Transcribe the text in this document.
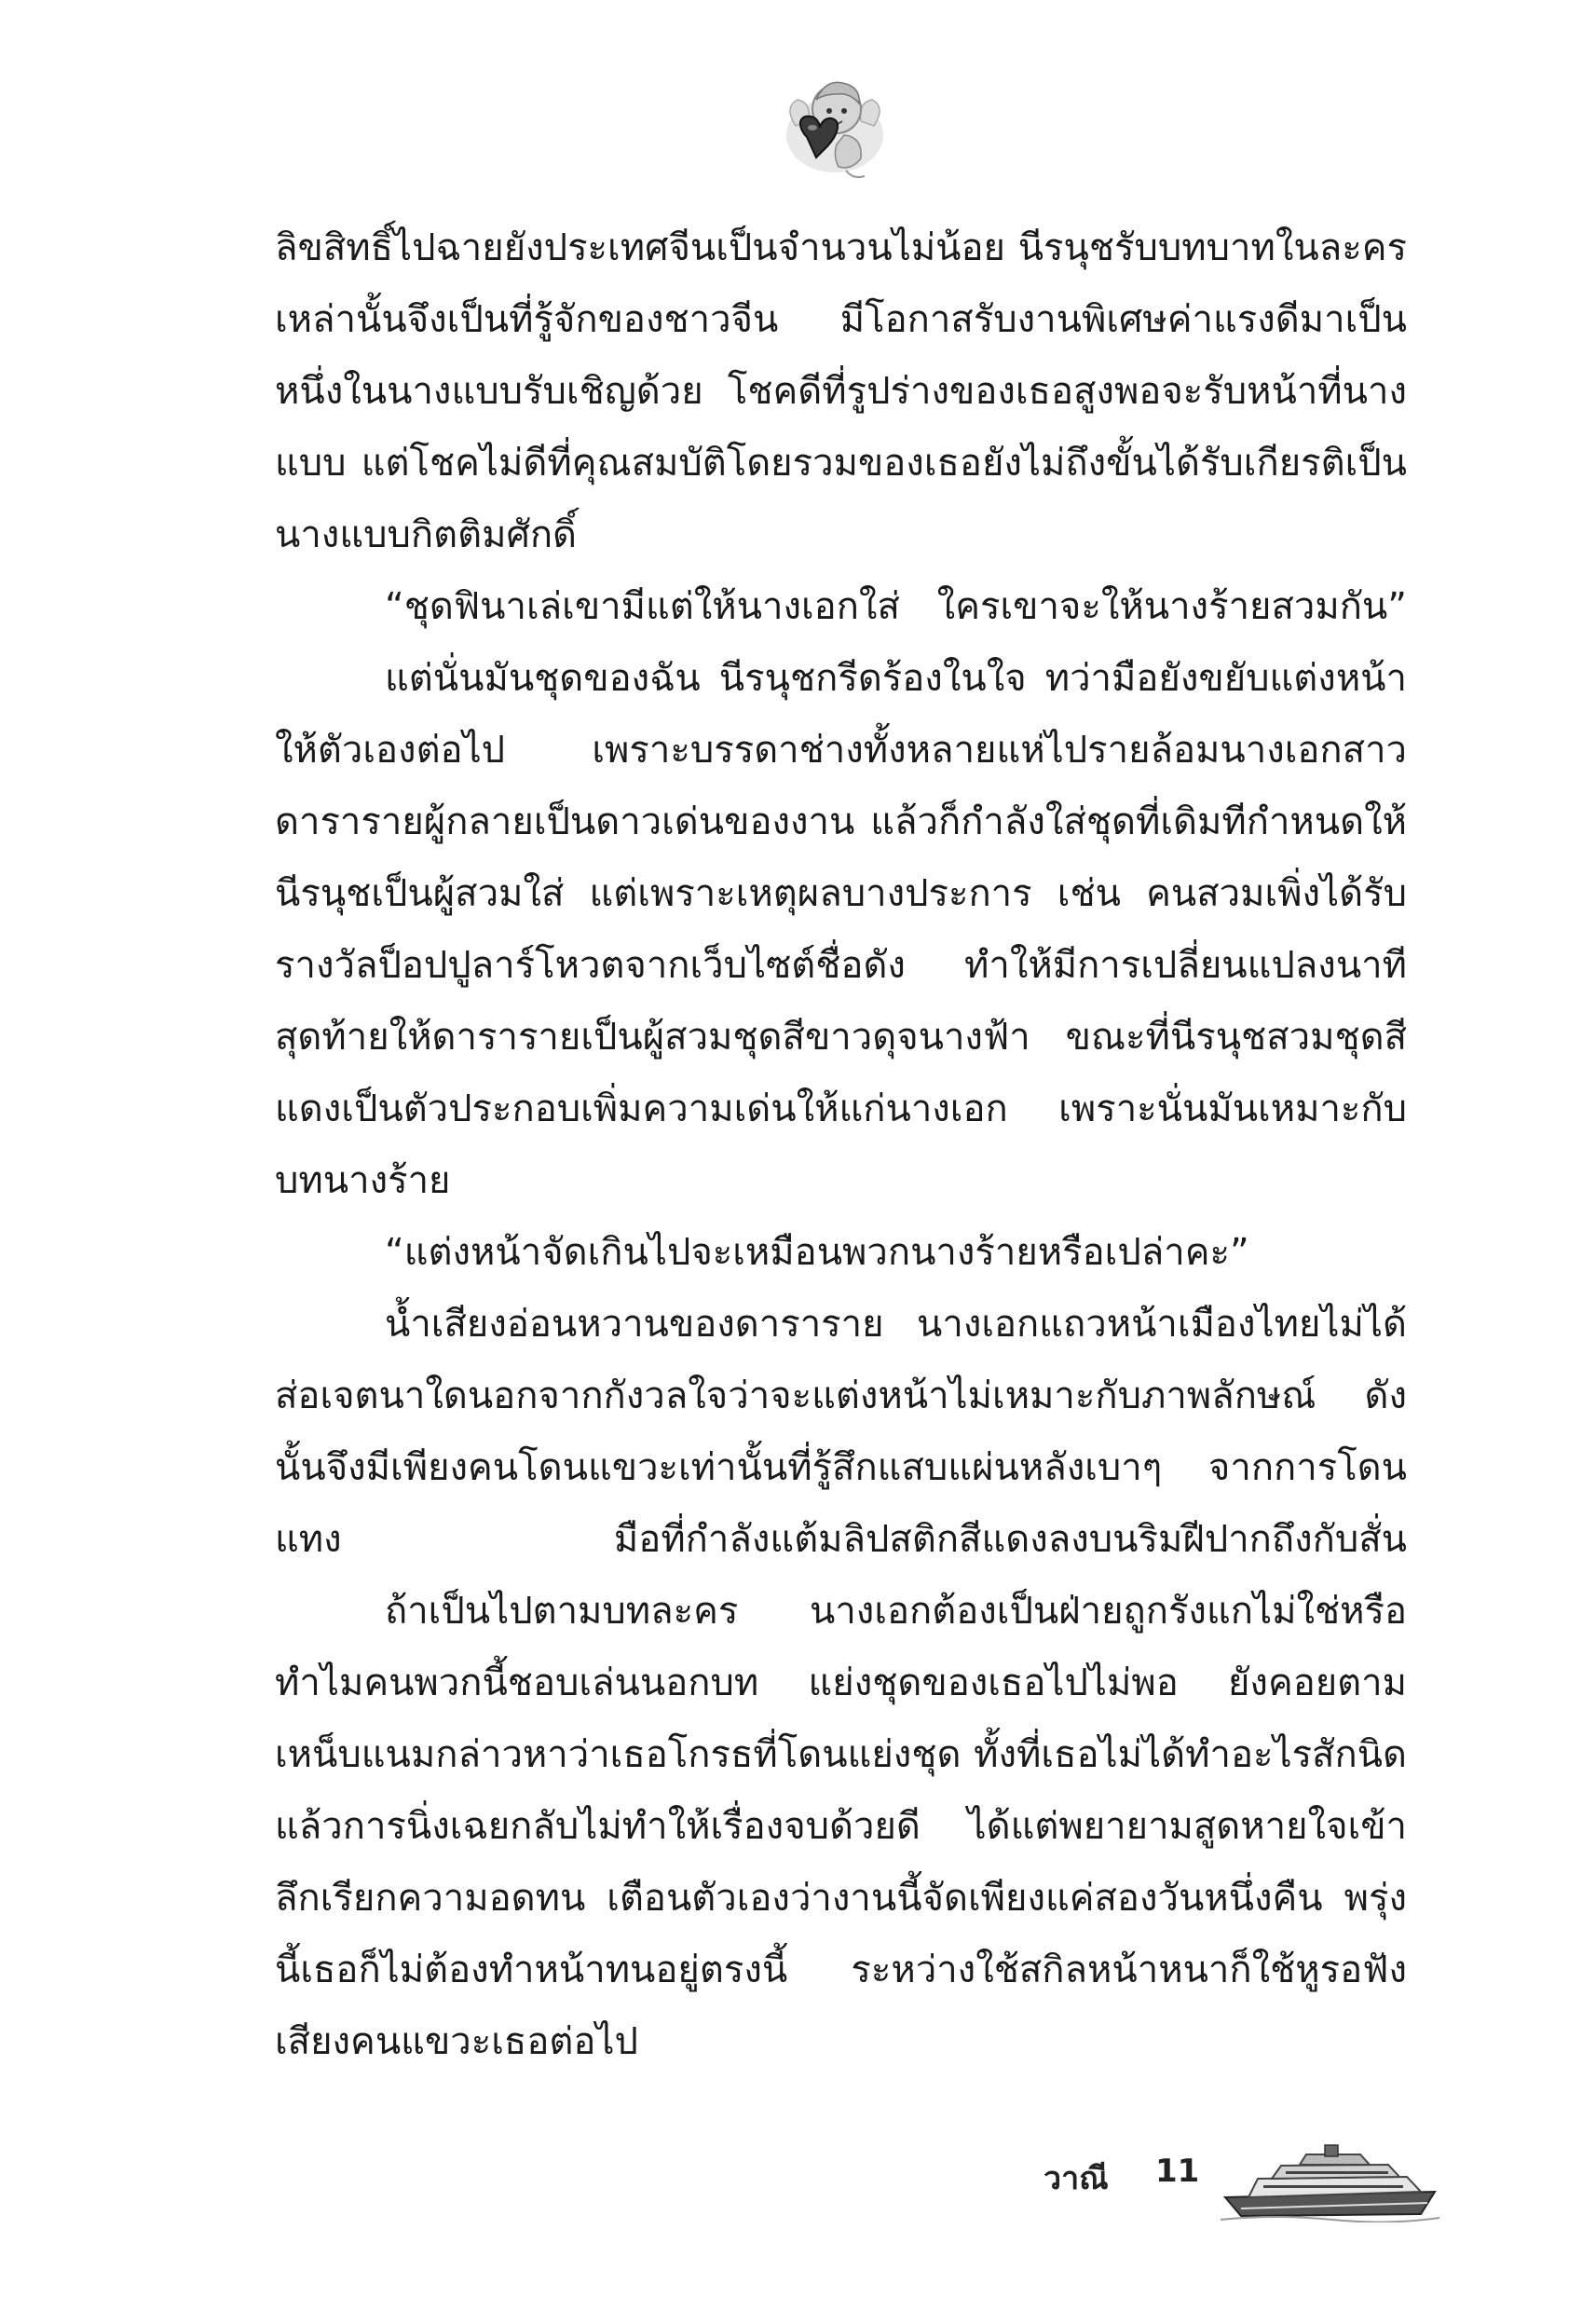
ลิขสิทธิ์ไปฉายยังประเทศจีนเป็นจำนวนไม่น้อย นีรนุชรับบทบาทในละครเหล่านั้นจึงเป็นที่รู้จักของชาวจีน มีโอกาสรับงานพิเศษค่าแรงดีมาเป็นหนึ่งในนางแบบรับเชิญด้วย โชคดีที่รูปร่างของเธอสูงพอจะรับหน้าที่นางแบบ แต่โชคไม่ดีที่คุณสมบัติโดยรวมของเธอยังไม่ถึงขั้นได้รับเกียรติเป็นนางแบบกิตติมศักดิ์

“ชุดฟินาเล่เขามีแต่ให้นางเอกใส่ ใครเขาจะให้นางร้ายสวมกัน”

แต่นั่นมันชุดของฉัน นีรนุชกรีดร้องในใจ ทว่ามือยังขยับแต่งหน้าให้ตัวเองต่อไป เพราะบรรดาช่างทั้งหลายแห่ไปรายล้อมนางเอกสาวดารารายผู้กลายเป็นดาวเด่นของงาน แล้วก็กำลังใส่ชุดที่เดิมทีกำหนดให้นีรนุชเป็นผู้สวมใส่ แต่เพราะเหตุผลบางประการ เช่น คนสวมเพิ่งได้รับรางวัลป็อปปูลาร์โหวตจากเว็บไซต์ชื่อดัง ทำให้มีการเปลี่ยนแปลงนาทีสุดท้ายให้ดารารายเป็นผู้สวมชุดสีขาวดุจนางฟ้า ขณะที่นีรนุชสวมชุดสีแดงเป็นตัวประกอบเพิ่มความเด่นให้แก่นางเอก เพราะนั่นมันเหมาะกับบทนางร้าย

“แต่งหน้าจัดเกินไปจะเหมือนพวกนางร้ายหรือเปล่าคะ”

น้ำเสียงอ่อนหวานของดาราราย นางเอกแถวหน้าเมืองไทยไม่ได้ส่อเจตนาใดนอกจากกังวลใจว่าจะแต่งหน้าไม่เหมาะกับภาพลักษณ์ ดังนั้นจึงมีเพียงคนโดนแขวะเท่านั้นที่รู้สึกแสบแผ่นหลังเบาๆ จากการโดนแทง มือที่กำลังแต้มลิปสติกสีแดงลงบนริมฝีปากถึงกับสั่น

ถ้าเป็นไปตามบทละคร นางเอกต้องเป็นฝ่ายถูกรังแกไม่ใช่หรือ ทำไมคนพวกนี้ชอบเล่นนอกบท แย่งชุดของเธอไปไม่พอ ยังคอยตามเหน็บแนมกล่าวหาว่าเธอโกรธที่โดนแย่งชุด ทั้งที่เธอไม่ได้ทำอะไรสักนิด แล้วการนิ่งเฉยกลับไม่ทำให้เรื่องจบด้วยดี ได้แต่พยายามสูดหายใจเข้าลึกเรียกความอดทน เตือนตัวเองว่างานนี้จัดเพียงแค่สองวันหนึ่งคืน พรุ่งนี้เธอก็ไม่ต้องทำหน้าทนอยู่ตรงนี้ ระหว่างใช้สกิลหน้าหนาก็ใช้หูรอฟังเสียงคนแขวะเธอต่อไป

วาณี 11
